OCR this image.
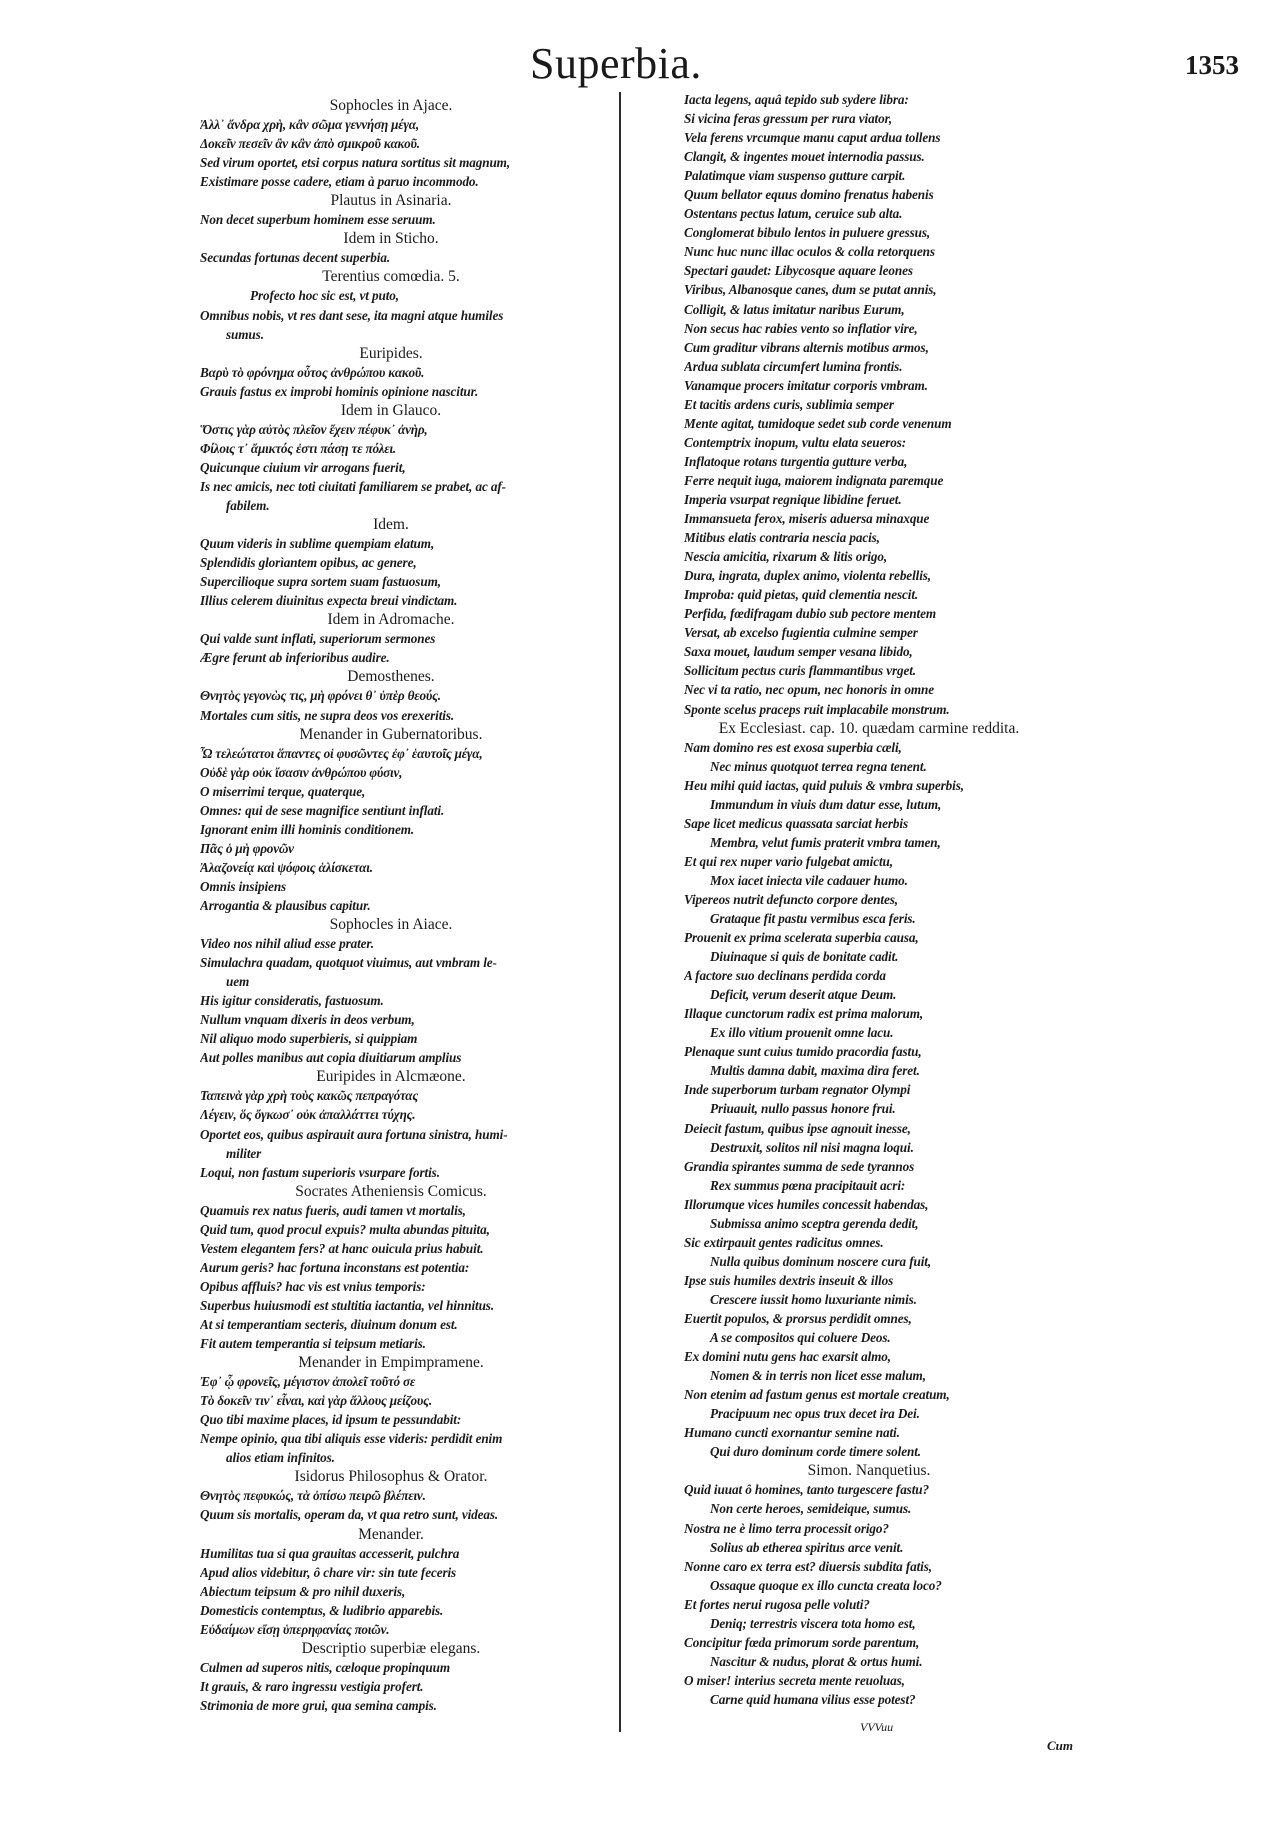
Superbia.	1353
Sophocles in Ajace.
Ἀλλ᾽ ἄνδρα χρὴ, κἂν σῶμα γεννήσῃ μέγα,
Δοκεῖν πεσεῖν ἂν κἂν ἀπὸ σμικροῦ κακοῦ.
Sed virum oportet, etsi corpus natura sortitus sit magnum,
Existimare posse cadere, etiam à paruo incommodo.
Plautus in Asinaria.
Non decet superbum hominem esse seruum.
Idem in Sticho.
Secundas fortunas decent superbia.
Terentius comœdia. 5.
Profecto hoc sic est, vt puto,
Omnibus nobis, vt res dant sese, ita magni atque humiles
sumus.
Euripides.
Βαρὺ τὸ φρόνημα οὗτος ἀνθρώπου κακοῦ.
Grauis fastus ex improbi hominis opinione nascitur.
Idem in Glauco.
Ὅστις γὰρ αὐτὸς πλεῖον ἔχειν πέφυκ᾽ ἀνὴρ,
Φίλοις τ᾽ ἄμικτός ἐστι πάσῃ τε πόλει.
Quicunque ciuium vir arrogans fuerit,
Is nec amicis, nec toti ciuitati familiarem se prabet, ac af-
fabilem.
Idem.
Quum videris in sublime quempiam elatum,
Splendidis glorìantem opibus, ac genere,
Supercilioque supra sortem suam fastuosum,
Illius celerem diuinitus expecta breui vindictam.
Idem in Adromache.
Qui valde sunt inflati, superiorum sermones
Ægre ferunt ab inferioribus audire.
Demosthenes.
Θνητὸς γεγονὼς τις, μὴ φρόνει θ᾽ ὑπὲρ θεούς.
Mortales cum sitis, ne supra deos vos erexeritis.
Menander in Gubernatoribus.
Ὦ τελεώτατοι ἅπαντες οἱ φυσῶντες ἐφ᾽ ἑαυτοῖς μέγα,
Οὐδὲ γὰρ οὐκ ἴσασιν ἀνθρώπου φύσιν,
O miserrimi terque, quaterque,
Omnes: qui de sese magnifice sentiunt inflati.
Ignorant enim illi hominis conditionem.
Πᾶς ὁ μὴ φρονῶν
Ἀλαζονείᾳ καὶ ψόφοις ἁλίσκεται.
Omnis insipiens
Arrogantia & plausibus capitur.
Sophocles in Aiace.
Video nos nihil aliud esse prater.
Simulachra quadam, quotquot viuimus, aut vmbram le-
uem
His igitur consideratis, fastuosum.
Nullum vnquam dixeris in deos verbum,
Nil aliquo modo superbieris, si quippiam
Aut polles manibus aut copia diuitiarum amplius
Euripides in Alcmæone.
Ταπεινὰ γὰρ χρὴ τοὺς κακῶς πεπραγότας
Λέγειν, ὅς ὄγκωσ᾽ οὐκ ἀπαλλάττει τύχης.
Oportet eos, quibus aspirauit aura fortuna sinistra, humi-
militer
Loqui, non fastum superioris vsurpare fortis.
Socrates Atheniensis Comicus.
Quamuis rex natus fueris, audi tamen vt mortalis,
Quid tum, quod procul expuis? multa abundas pituita,
Vestem elegantem fers? at hanc ouicula prius habuit.
Aurum geris? hac fortuna inconstans est potentia:
Opibus affluis? hac vis est vnius temporis:
Superbus huiusmodi est stultitia iactantia, vel hinnitus.
At si temperantiam secteris, diuinum donum est.
Fit autem temperantia si teipsum metiaris.
Menander in Empimpramene.
Ἐφ᾽ ᾧ φρονεῖς, μέγιστον ἀπολεῖ τοῦτό σε
Τὸ δοκεῖν τιν᾽ εἶναι, καὶ γὰρ ἄλλους μείζους.
Quo tibi maxime places, id ipsum te pessundabit:
Nempe opinio, qua tibi aliquis esse videris: perdidit enim
alios etiam infinitos.
Isidorus Philosophus & Orator.
Θνητὸς πεφυκώς, τὰ ὀπίσω πειρῶ βλέπειν.
Quum sis mortalis, operam da, vt qua retro sunt, videas.
Menander.
Humilitas tua si qua grauitas accesserit, pulchra
Apud alios videbitur, ô chare vir: sin tute feceris
Abiectum teipsum & pro nihil duxeris,
Domesticis contemptus, & ludibrio apparebis.
Εὐδαίμων εἴσῃ ὑπερηφανίας ποιῶν.
Descriptio superbiæ elegans.
Culmen ad superos nitis, cæloque propinquum
It grauis, & raro ingressu vestigia profert.
Strimonia de more grui, qua semina campis.
Iacta legens, aquâ tepido sub sydere libra:
Si vicina feras gressum per rura viator,
Vela ferens vrcumque manu caput ardua tollens
Clangit, & ingentes mouet internodia passus.
Palatimque viam suspenso gutture carpit.
Quum bellator equus domino frenatus habenis
Ostentans pectus latum, ceruice sub alta.
Conglomerat bibulo lentos in puluere gressus,
Nunc huc nunc illac oculos & colla retorquens
Spectari gaudet: Libycosque aquare leones
Viribus, Albanosque canes, dum se putat annis,
Colligit, & latus imitatur naribus Eurum,
Non secus hac rabies vento so inflatior vire,
Cum graditur vibrans alternis motibus armos,
Ardua sublata circumfert lumina frontis.
Vanamque procers imitatur corporis vmbram.
Et tacitis ardens curis, sublimia semper
Mente agitat, tumidoque sedet sub corde venenum
Contemptrix inopum, vultu elata seueros:
Inflatoque rotans turgentia gutture verba,
Ferre nequit iuga, maiorem indignata paremque
Imperia vsurpat regnique libidine feruet.
Immansueta ferox, miseris aduersa minaxque
Mitibus elatis contraria nescia pacis,
Nescia amicitia, rixarum & litis origo,
Dura, ingrata, duplex animo, violenta rebellis,
Improba: quid pietas, quid clementia nescit.
Perfida, fœdifragam dubio sub pectore mentem
Versat, ab excelso fugientia culmine semper
Saxa mouet, laudum semper vesana libido,
Sollicitum pectus curis flammantibus vrget.
Nec vi ta ratio, nec opum, nec honoris in omne
Sponte scelus praceps ruit implacabile monstrum.
Ex Ecclesiast. cap. 10. quædam carmine reddita.
Nam domino res est exosa superbia cæli,
Nec minus quotquot terrea regna tenent.
Heu mihi quid iactas, quid puluis & vmbra superbis,
Immundum in viuis dum datur esse, lutum,
Sape licet medicus quassata sarciat herbis
Membra, velut fumis praterit vmbra tamen,
Et qui rex nuper vario fulgebat amictu,
Mox iacet iniecta vile cadauer humo.
Vipereos nutrit defuncto corpore dentes,
Grataque fit pastu vermibus esca feris.
Prouenit ex prima scelerata superbia causa,
Diuinaque si quis de bonitate cadit.
A factore suo declinans perdida corda
Deficit, verum deserit atque Deum.
Illaque cunctorum radix est prima malorum,
Ex illo vitium prouenit omne lacu.
Plenaque sunt cuius tumido pracordia fastu,
Multis damna dabit, maxima dira feret.
Inde superborum turbam regnator Olympi
Priuauit, nullo passus honore frui.
Deiecit fastum, quibus ipse agnouit inesse,
Destruxit, solitos nil nisi magna loqui.
Grandia spirantes summa de sede tyrannos
Rex summus pœna pracipitauit acri:
Illorumque vices humiles concessit habendas,
Submissa animo sceptra gerenda dedit,
Sic extirpauit gentes radicitus omnes.
Nulla quibus dominum noscere cura fuit,
Ipse suis humiles dextris inseuit & illos
Crescere iussit homo luxuriante nimis.
Euertit populos, & prorsus perdidit omnes,
A se compositos qui coluere Deos.
Ex domini nutu gens hac exarsit almo,
Nomen & in terris non licet esse malum,
Non etenim ad fastum genus est mortale creatum,
Pracipuum nec opus trux decet ira Dei.
Humano cuncti exornantur semine nati.
Qui duro dominum corde timere solent.
Simon. Nanquetius.
Quid iuuat ô homines, tanto turgescere fastu?
Non certe heroes, semideique, sumus.
Nostra ne è limo terra processit origo?
Solius ab etherea spiritus arce venit.
Nonne caro ex terra est? diuersis subdita fatis,
Ossaque quoque ex illo cuncta creata loco?
Et fortes nerui rugosa pelle voluti?
Deniq; terrestris viscera tota homo est,
Concipitur fœda primorum sorde parentum,
Nascitur & nudus, plorat & ortus humi.
O miser! interius secreta mente reuoluas,
Carne quid humana vilius esse potest?
VVVuu
Cum
